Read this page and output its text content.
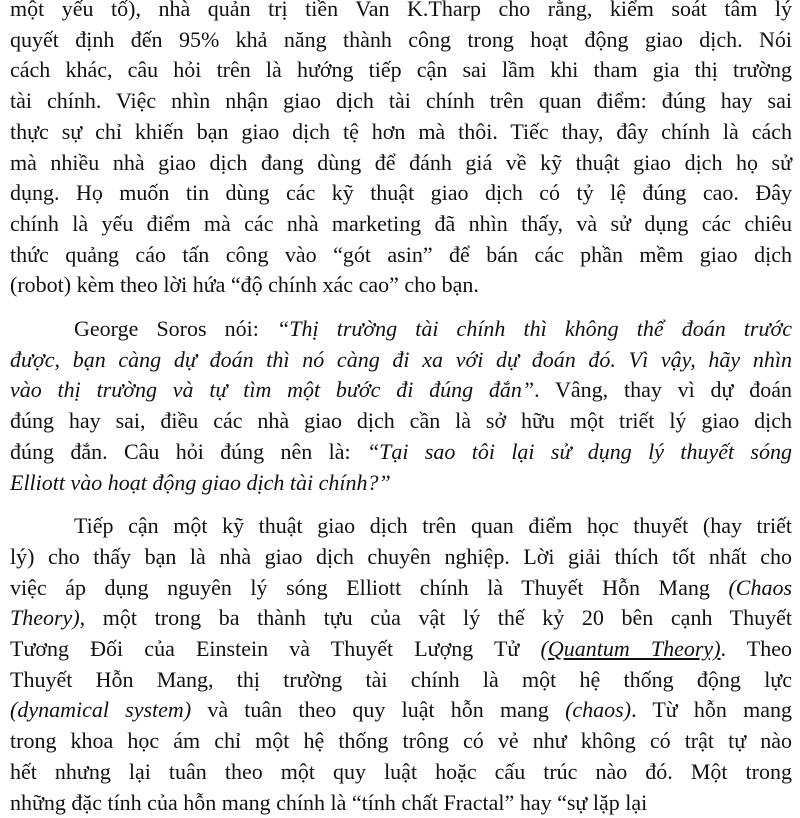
một yếu tố), nhà quản trị tiền Van K.Tharp cho rằng, kiểm soát tâm lý
quyết định đến 95% khả năng thành công trong hoạt động giao dịch. Nói
cách khác, câu hỏi trên là hướng tiếp cận sai lầm khi tham gia thị trường
tài chính. Việc nhìn nhận giao dịch tài chính trên quan điểm: đúng hay sai
thực sự chỉ khiến bạn giao dịch tệ hơn mà thôi. Tiếc thay, đây chính là cách
mà nhiều nhà giao dịch đang dùng để đánh giá về kỹ thuật giao dịch họ sử
dụng. Họ muốn tin dùng các kỹ thuật giao dịch có tỷ lệ đúng cao. Đây
chính là yếu điểm mà các nhà marketing đã nhìn thấy, và sử dụng các chiêu
thức quảng cáo tấn công vào “gót asin” để bán các phần mềm giao dịch
(robot) kèm theo lời hứa “độ chính xác cao” cho bạn.

George Soros nói: “Thị trường tài chính thì không thể đoán trước
được, bạn càng dự đoán thì nó càng đi xa với dự đoán đó. Vì vậy, hãy nhìn
vào thị trường và tự tìm một bước đi đúng đắn”. Vâng, thay vì dự đoán
đúng hay sai, điều các nhà giao dịch cần là sở hữu một triết lý giao dịch
đúng đắn. Câu hỏi đúng nên là: “Tại sao tôi lại sử dụng lý thuyết sóng
Elliott vào hoạt động giao dịch tài chính?”

Tiếp cận một kỹ thuật giao dịch trên quan điểm học thuyết (hay triết
lý) cho thấy bạn là nhà giao dịch chuyên nghiệp. Lời giải thích tốt nhất cho
việc áp dụng nguyên lý sóng Elliott chính là Thuyết Hỗn Mang (Chaos
Theory), một trong ba thành tựu của vật lý thế kỷ 20 bên cạnh Thuyết
Tương Đối của Einstein và Thuyết Lượng Tử (Quantum Theory). Theo
Thuyết Hỗn Mang, thị trường tài chính là một hệ thống động lực
(dynamical system) và tuân theo quy luật hỗn mang (chaos). Từ hỗn mang
trong khoa học ám chỉ một hệ thống trông có vẻ như không có trật tự nào
hết nhưng lại tuân theo một quy luật hoặc cấu trúc nào đó. Một trong
những đặc tính của hỗn mang chính là “tính chất Fractal” hay “sự lặp lại
